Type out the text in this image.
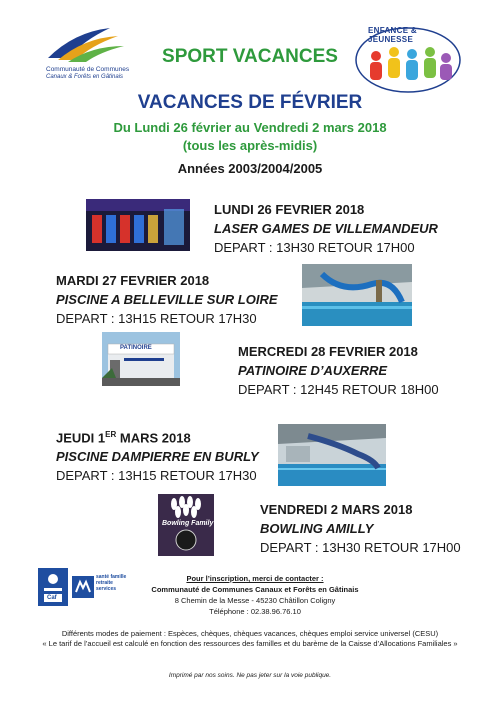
Communauté de Communes
Canaux & Forêts en Gâtinais
ENFANCE & JEUNESSE
SPORT VACANCES
VACANCES DE FÉVRIER
Du Lundi 26 février au Vendredi 2 mars 2018
(tous les après-midis)
Années 2003/2004/2005
LUNDI 26 FEVRIER 2018
LASER GAMES DE VILLEMANDEUR
DEPART : 13H30 RETOUR 17H00
MARDI 27 FEVRIER 2018
PISCINE A BELLEVILLE SUR LOIRE
DEPART : 13H15 RETOUR 17H30
PATINOIRE	MERCREDI 28 FEVRIER 2018
PATINOIRE D’AUXERRE
DEPART : 12H45 RETOUR 18H00
JEUDI 1ER MARS 2018
PISCINE DAMPIERRE EN BURLY
DEPART : 13H15 RETOUR 17H30
Bowling Family
VENDREDI 2 MARS 2018
BOWLING AMILLY
DEPART : 13H30 RETOUR 17H00
Caf
santé famille retraite services
Pour l’inscription, merci de contacter :
Communauté de Communes Canaux et Forêts en Gâtinais
8 Chemin de la Messe - 45230 Châtillon Coligny
Téléphone : 02.38.96.76.10
Différents modes de paiement : Espèces, chèques, chèques vacances, chèques emploi service universel (CESU)
« Le tarif de l’accueil est calculé en fonction des ressources des familles et du barème de la Caisse d’Allocations Familiales »
Imprimé par nos soins. Ne pas jeter sur la voie publique.
